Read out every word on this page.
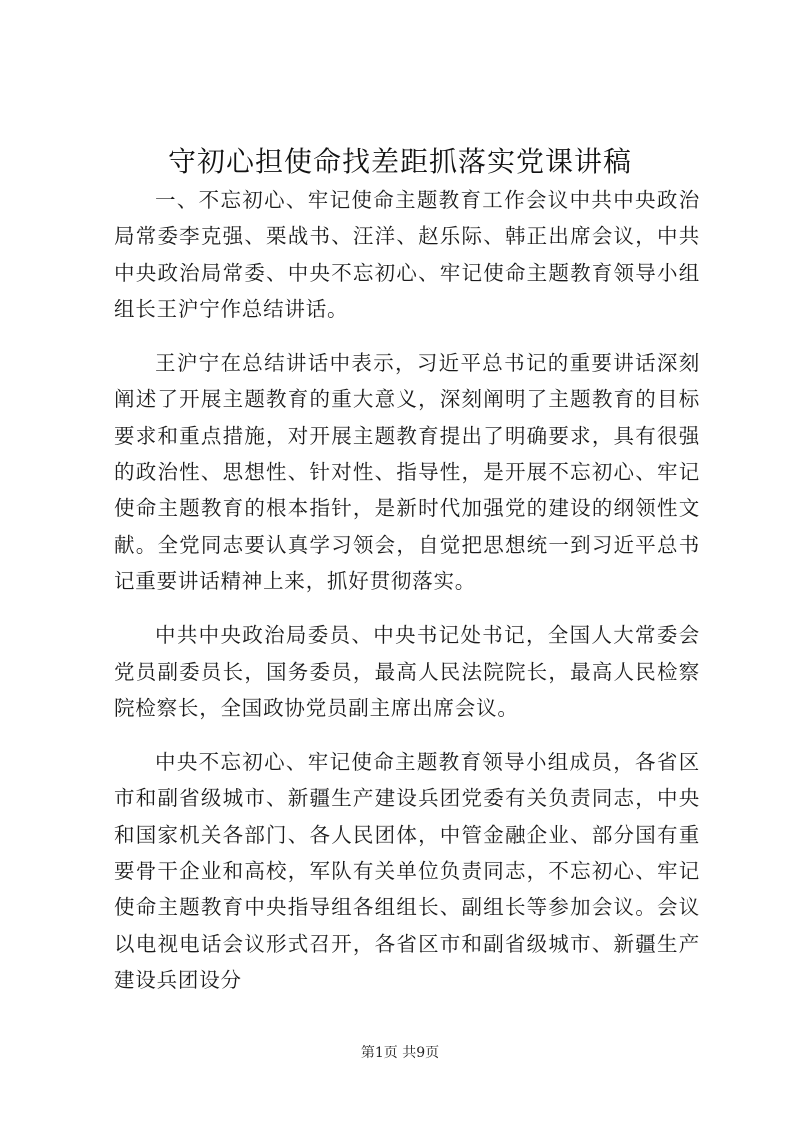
守初心担使命找差距抓落实党课讲稿

一、不忘初心、牢记使命主题教育工作会议中共中央政治局常委李克强、栗战书、汪洋、赵乐际、韩正出席会议，中共中央政治局常委、中央不忘初心、牢记使命主题教育领导小组组长王沪宁作总结讲话。

王沪宁在总结讲话中表示，习近平总书记的重要讲话深刻阐述了开展主题教育的重大意义，深刻阐明了主题教育的目标要求和重点措施，对开展主题教育提出了明确要求，具有很强的政治性、思想性、针对性、指导性，是开展不忘初心、牢记使命主题教育的根本指针，是新时代加强党的建设的纲领性文献。全党同志要认真学习领会，自觉把思想统一到习近平总书记重要讲话精神上来，抓好贯彻落实。

中共中央政治局委员、中央书记处书记，全国人大常委会党员副委员长，国务委员，最高人民法院院长，最高人民检察院检察长，全国政协党员副主席出席会议。

中央不忘初心、牢记使命主题教育领导小组成员，各省区市和副省级城市、新疆生产建设兵团党委有关负责同志，中央和国家机关各部门、各人民团体，中管金融企业、部分国有重要骨干企业和高校，军队有关单位负责同志，不忘初心、牢记使命主题教育中央指导组各组组长、副组长等参加会议。会议以电视电话会议形式召开，各省区市和副省级城市、新疆生产建设兵团设分

第1页 共9页
